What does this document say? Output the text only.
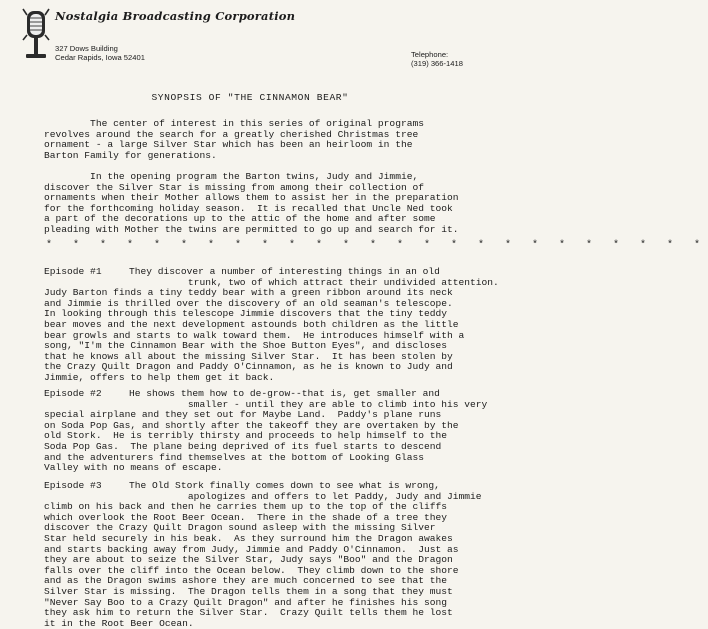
Nostalgia Broadcasting Corporation
327 Dows Building
Cedar Rapids, Iowa 52401	Telephone:
(319) 366-1418
SYNOPSIS OF "THE CINNAMON BEAR"
The center of interest in this series of original programs
revolves around the search for a greatly cherished Christmas tree
ornament - a large Silver Star which has been an heirloom in the
Barton Family for generations.
In the opening program the Barton twins, Judy and Jimmie,
discover the Silver Star is missing from among their collection of
ornaments when their Mother allows them to assist her in the preparation
for the forthcoming holiday season.  It is recalled that Uncle Ned took
a part of the decorations up to the attic of the home and after some
pleading with Mother the twins are permitted to go up and search for it.
* * * * * * * * * * * * * * * * * * * * * * * * *
Episode #1	They discover a number of interesting things in an old
trunk, two of which attract their undivided attention.
Judy Barton finds a tiny teddy bear with a green ribbon around its neck
and Jimmie is thrilled over the discovery of an old seaman's telescope.
In looking through this telescope Jimmie discovers that the tiny teddy
bear moves and the next development astounds both children as the little
bear growls and starts to walk toward them.  He introduces himself with a
song, "I'm the Cinnamon Bear with the Shoe Button Eyes", and discloses
that he knows all about the missing Silver Star.  It has been stolen by
the Crazy Quilt Dragon and Paddy O'Cinnamon, as he is known to Judy and
Jimmie, offers to help them get it back.
Episode #2	He shows them how to de-grow--that is, get smaller and
smaller - until they are able to climb into his very
special airplane and they set out for Maybe Land.  Paddy's plane runs
on Soda Pop Gas, and shortly after the takeoff they are overtaken by the
old Stork.  He is terribly thirsty and proceeds to help himself to the
Soda Pop Gas.  The plane being deprived of its fuel starts to descend
and the adventurers find themselves at the bottom of Looking Glass
Valley with no means of escape.
Episode #3	The Old Stork finally comes down to see what is wrong,
apologizes and offers to let Paddy, Judy and Jimmie
climb on his back and then he carries them up to the top of the cliffs
which overlook the Root Beer Ocean.  There in the shade of a tree they
discover the Crazy Quilt Dragon sound asleep with the missing Silver
Star held securely in his beak.  As they surround him the Dragon awakes
and starts backing away from Judy, Jimmie and Paddy O'Cinnamon.  Just as
they are about to seize the Silver Star, Judy says "Boo" and the Dragon
falls over the cliff into the Ocean below.  They climb down to the shore
and as the Dragon swims ashore they are much concerned to see that the
Silver Star is missing.  The Dragon tells them in a song that they must
"Never Say Boo to a Crazy Quilt Dragon" and after he finishes his song
they ask him to return the Silver Star.  Crazy Quilt tells them he lost
it in the Root Beer Ocean.
